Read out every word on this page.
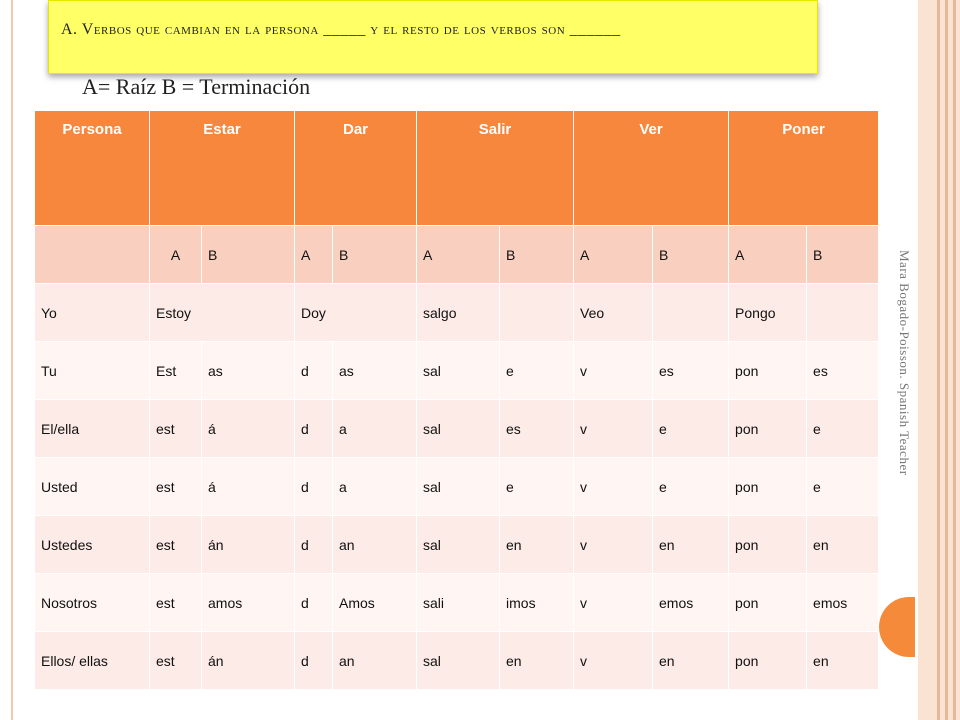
A. Verbos que cambian en la persona _____ y el resto de los verbos son ______
A= Raíz B = Terminación
Mara Bogado-Poisson. Spanish Teacher
Persona	Estar		Dar		Salir		Ver		Poner	
	A	B	A	B	A	B	A	B	A	B
Yo	Estoy		Doy		salgo		Veo		Pongo	
Tu	Est	as	d	as	sal	e	v	es	pon	es
El/ella	est	á	d	a	sal	es	v	e	pon	e
Usted	est	á	d	a	sal	e	v	e	pon	e
Ustedes	est	án	d	an	sal	en	v	en	pon	en
Nosotros	est	amos	d	Amos	sali	imos	v	emos	pon	emos
Ellos/ ellas	est	án	d	an	sal	en	v	en	pon	en
